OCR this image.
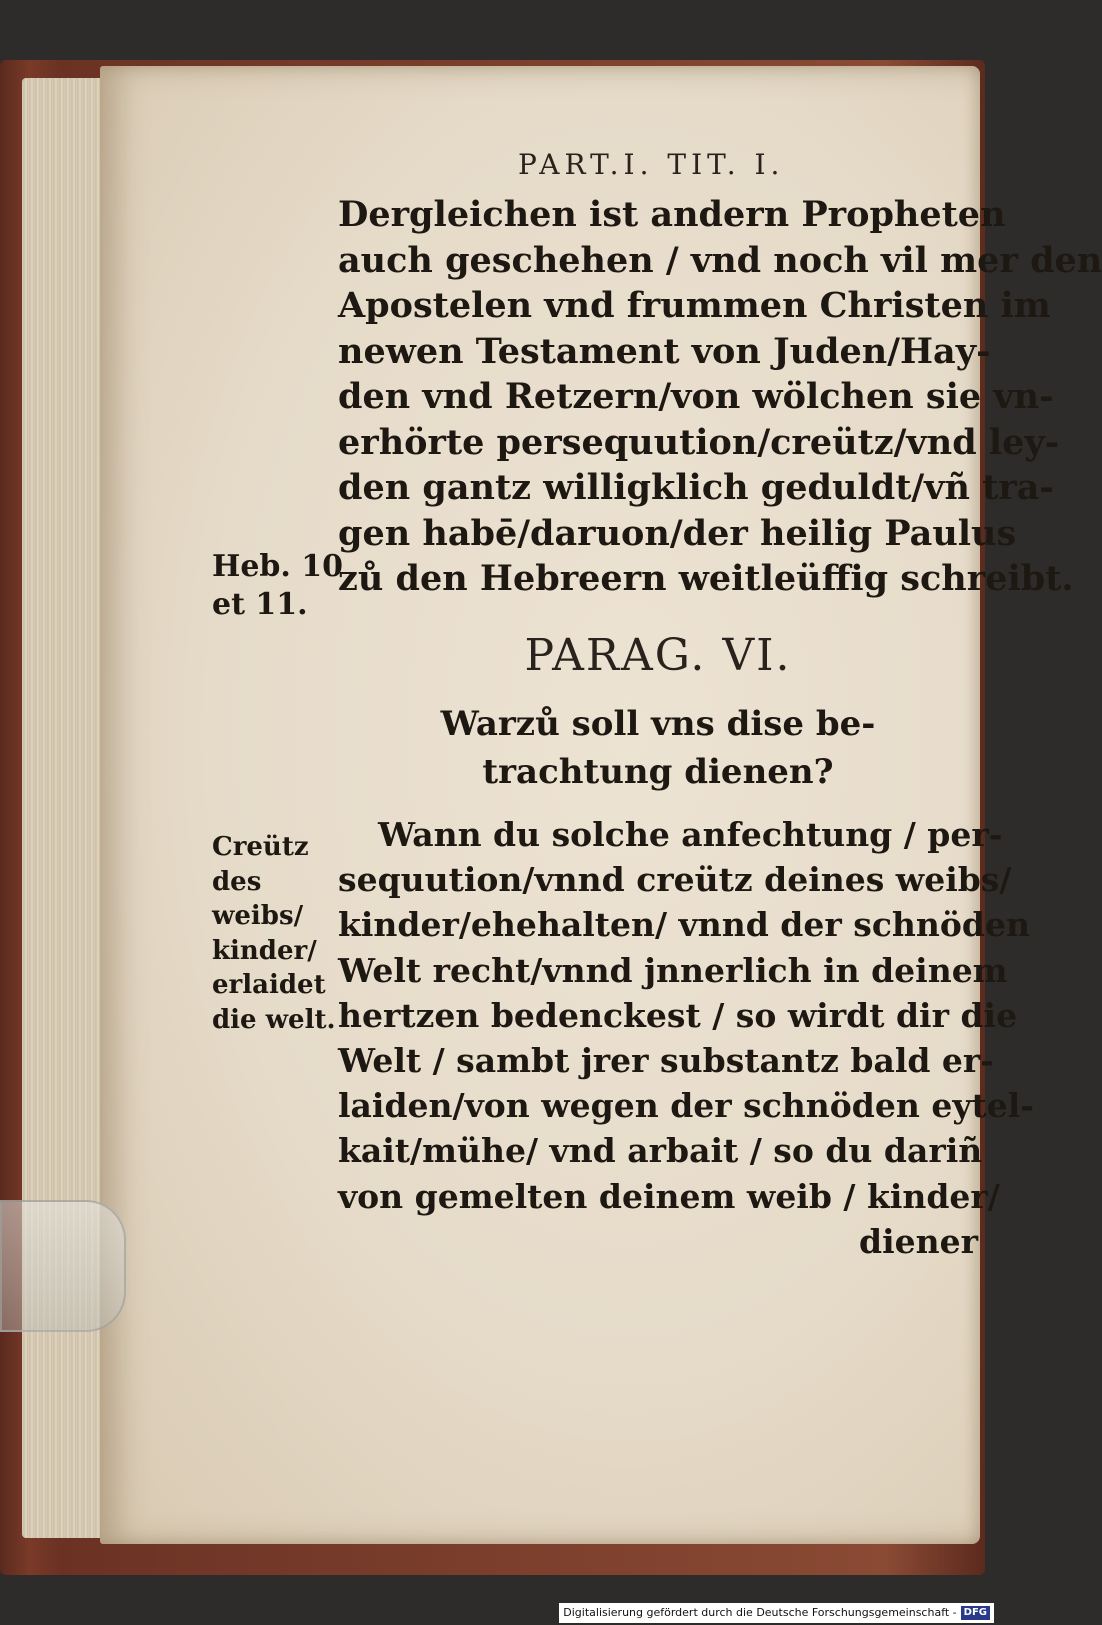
PART.I. TIT. I.
Dergleichen ist andern Propheten
auch geschehen / vnd noch vil mer den
Apostelen vnd frummen Christen im
newen Testament von Juden/Hay-
den vnd Retzern/von wölchen sie vn-
erhörte persequution/creütz/vnd ley-
den gantz willigklich geduldt/vñ tra-
gen habē/daruon/der heilig Paulus
zů den Hebreern weitleüffig schreibt.
Heb. 10
et 11.
PARAG. VI.
Warzů soll vns dise be-
trachtung dienen?
Creütz
des
weibs/
kinder/
erlaidet
die welt.
Wann du solche anfechtung / per-
sequution/vnnd creütz deines weibs/
kinder/ehehalten/ vnnd der schnöden
Welt recht/vnnd jnnerlich in deinem
hertzen bedenckest / so wirdt dir die
Welt / sambt jrer substantz bald er-
laiden/von wegen der schnöden eytel-
kait/mühe/ vnd arbait / so du dariñ
von gemelten deinem weib / kinder/
diener
Digitalisierung gefördert durch die Deutsche Forschungsgemeinschaft - DFG
